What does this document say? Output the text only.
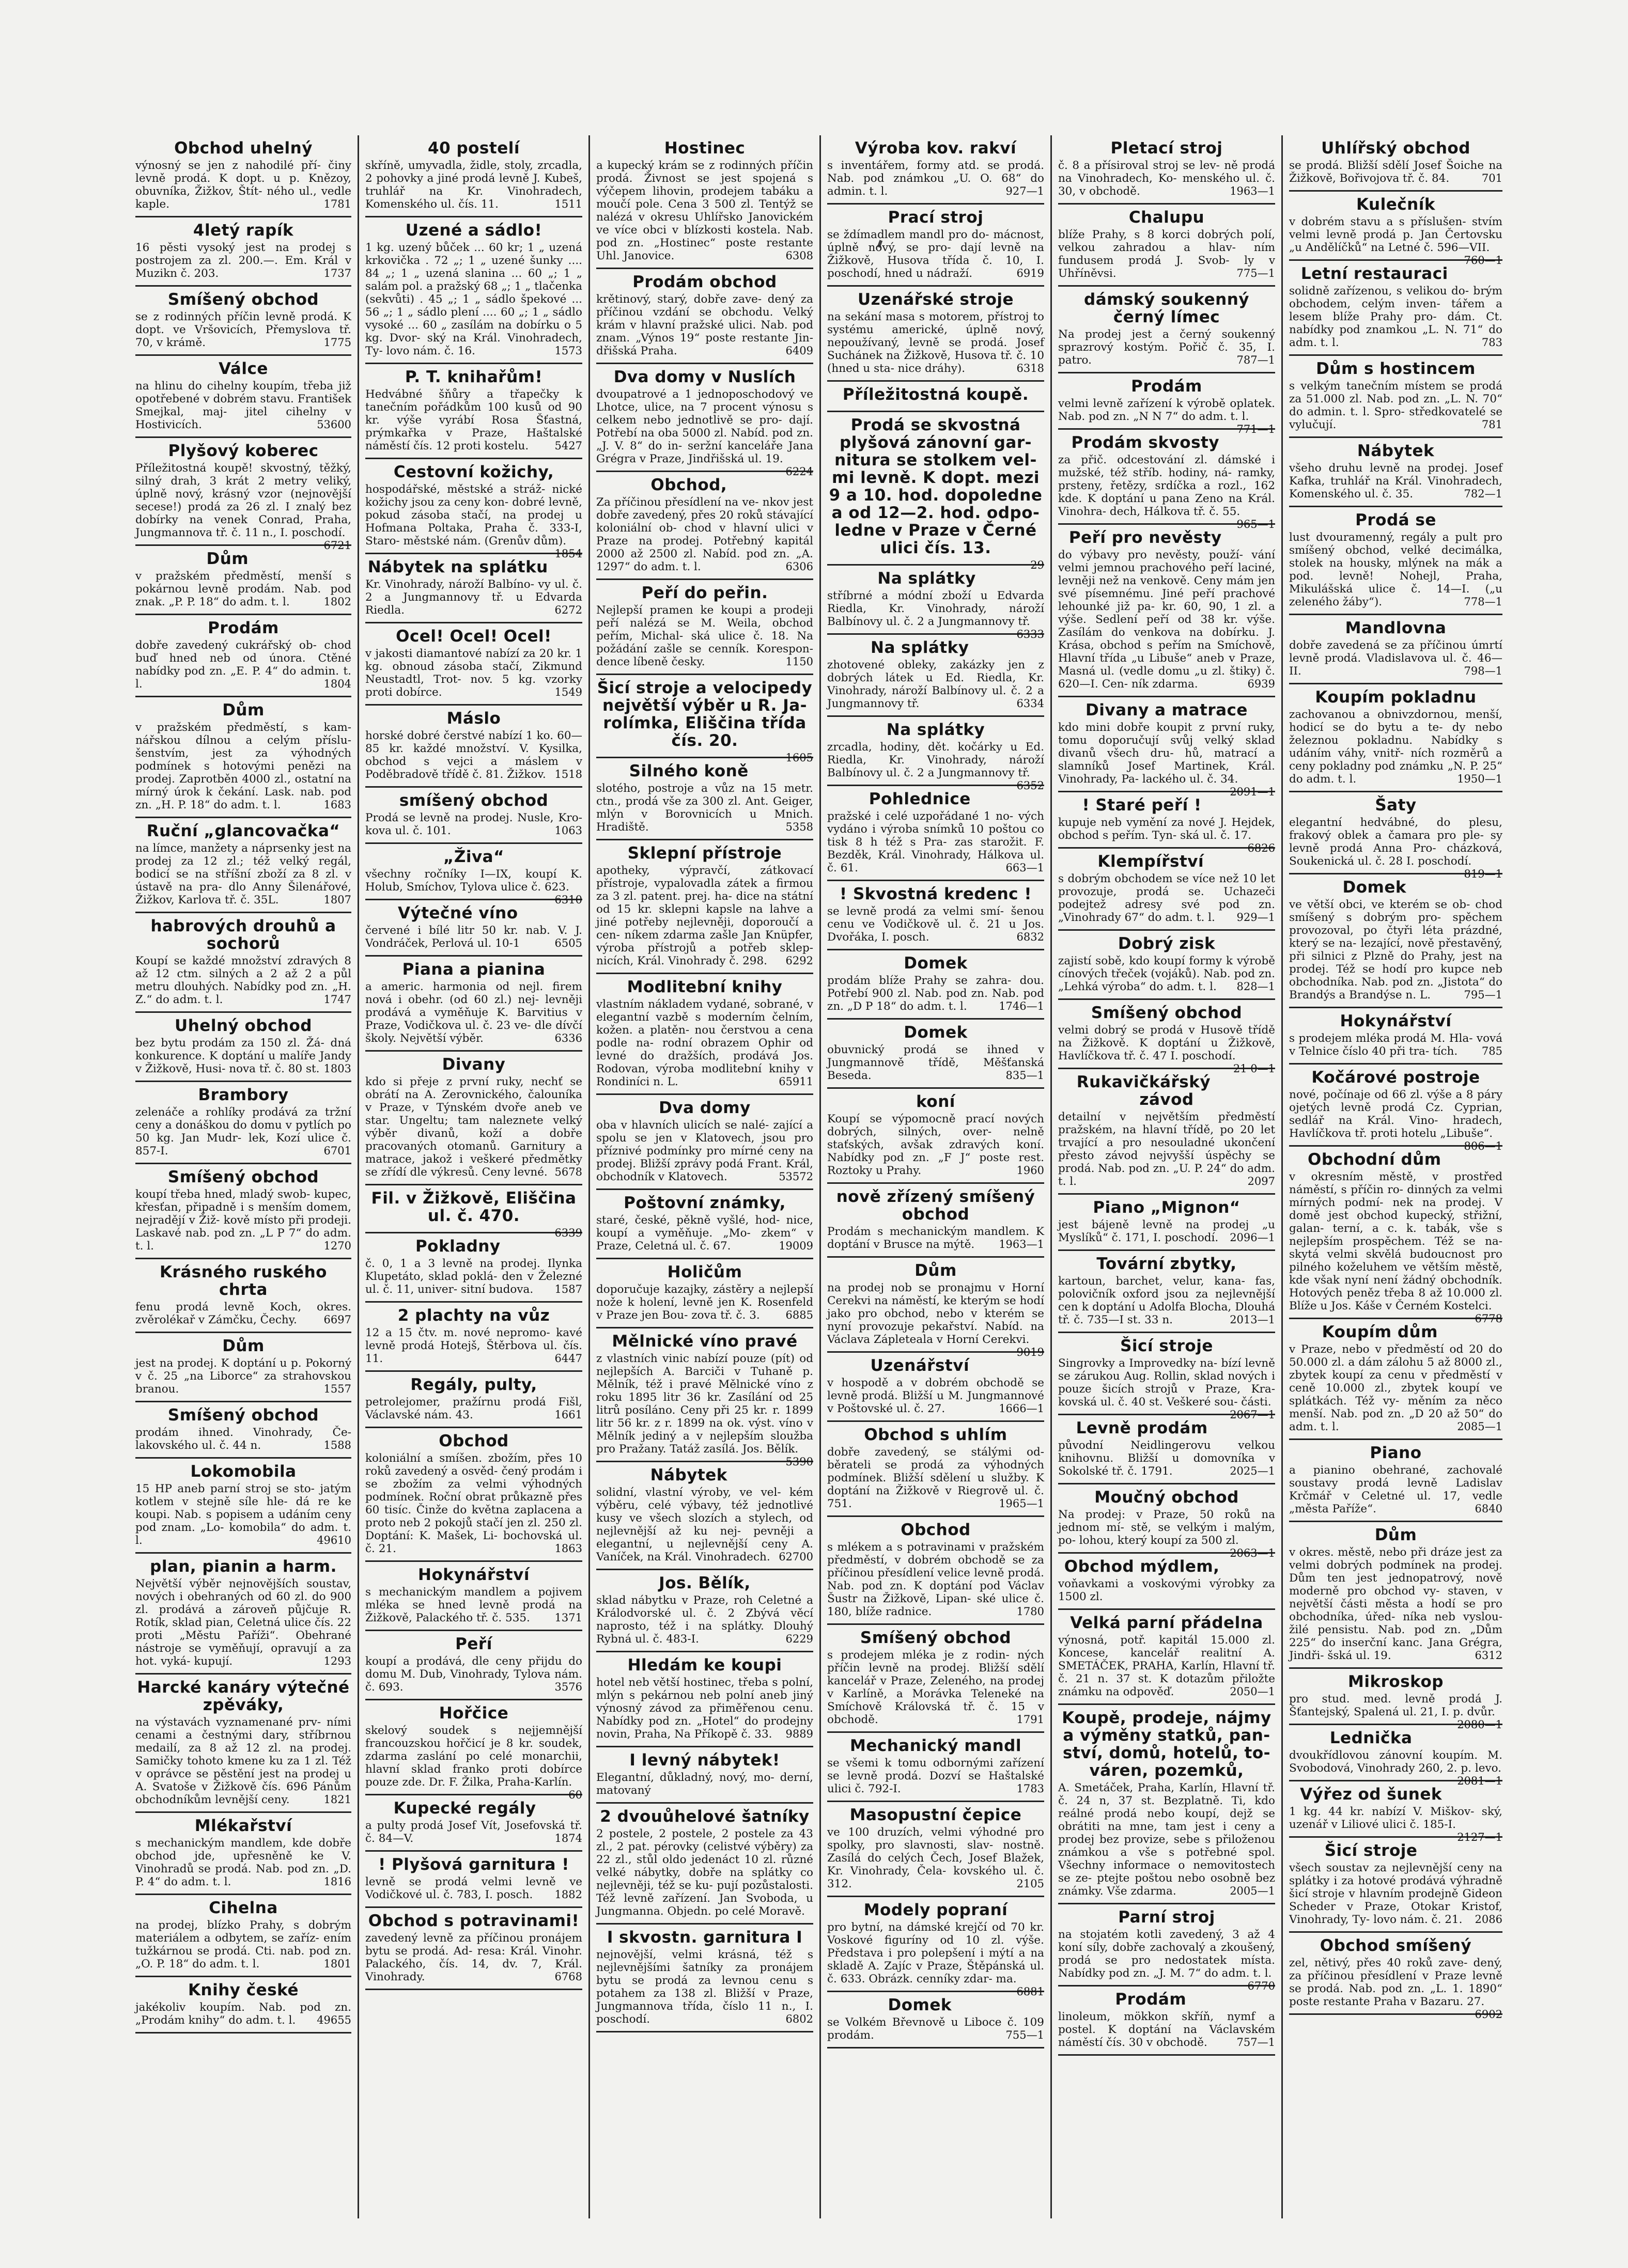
Obchod uhelný

výnosný se jen z nahodilé pří- činy levně prodá. K dopt. u p. Knězoy, obuvníka, Žižkov, Štít- ného ul., vedle kaple.	1781

4letý rapík

16 pěsti vysoký jest na prodej s postrojem za zl. 200.—. Em. Král v Muzikn č. 203.	1737

Smíšený obchod

se z rodinných příčin levně prodá. K dopt. ve Vršovicích, Přemyslova tř. 70, v krámě.	1775

Válce

na hlinu do cihelny koupím, třeba již opotřebené v dobrém stavu. František Smejkal, maj- jitel cihelny v Hostivicích.	53600

Plyšový koberec

Příležitostná koupě! skvostný, těžký, silný drah, 3 krát 2 metry veliký, úplně nový, krásný vzor (nejnovější secese!) prodá za 26 zl. I znalý bez dobírky na venek Conrad, Praha, Jungmannova tř. č. 11 n., I. poschodí.
6721

Dům

v pražském předměstí, menší s pokárnou levně prodám. Nab. pod znak. „P. P. 18“ do adm. t. l.	1802

Prodám

dobře zavedený cukrářský ob- chod buď hned neb od února. Ctěné nabídky pod zn. „E. P. 4“ do admin. t. l.	1804

Dům

v pražském předměstí, s kam- nářskou dílnou a celým příslu- šenstvím, jest za výhodných podmínek s hotovými penězi na prodej. Zaprotběn 4000 zl., ostatní na mírný úrok k čekání. Lask. nab. pod zn. „H. P. 18“ do adm. t. l.	1683

Ruční „glancovačka“

na límce, manžety a náprsenky jest na prodej za 12 zl.; též velký regál, bodicí se na stříšní zboží za 8 zl. v ústavě na pra- dlo Anny Šilenářové, Žižkov, Karlova tř. č. 35L.	1807

habrových drouhů a sochorů

Koupí se každé množství zdravých 8 až 12 ctm. silných a 2 až 2 a půl metru dlouhých. Nabídky pod zn. „H. Z.“ do adm. t. l.	1747

Uhelný obchod

bez bytu prodám za 150 zl. Žá- dná konkurence. K doptání u malíře Jandy v Žižkově, Husi- nova tř. č. 80 st. 1803

Brambory

zelenáče a rohlíky prodává za tržní ceny a donáškou do domu v pytlích po 50 kg. Jan Mudr- lek, Kozí ulice č. 857-I.	6701

Smíšený obchod

koupí třeba hned, mladý swob- kupec, křesťan, připadně i s menším domem, nejradějí v Žiž- kově místo při prodeji. Laskavé nab. pod zn. „L P 7“ do adm. t. l.	1270

Krásného ruského chrta

fenu prodá levně Koch, okres. zvěrolékař v Zámčku, Čechy.	6697

Dům

jest na prodej. K doptání u p. Pokorný v č. 25 „na Liborce“ za strahovskou branou.	1557

Smíšený obchod

prodám ihned. Vinohrady, Če- lakovského ul. č. 44 n.	1588

Lokomobila

15 HP aneb parní stroj se sto- jatým kotlem v stejně síle hle- dá re ke koupi. Nab. s popisem a udáním ceny pod znam. „Lo- komobila“ do adm. t. l.	49610

plan, pianin a harm.

Největší výběr nejnovějších soustav, nových i obehraných od 60 zl. do 900 zl. prodává a zároveň půjčuje R. Rotík, sklad pian, Celetná ulice čís. 22 proti „Městu Paříži“. Obehrané nástroje se vyměňují, opravují a za hot. vyká- kupují.	1293

Harcké kanáry výtečné zpěváky,

na výstavách vyznamenané prv- ními cenami a čestnými dary, stříbrnou medailí, za 8 až 12 zl. na prodej. Samičky tohoto kmene ku za 1 zl. Též v oprávce se pěstění jest na prodej u A. Svatoše v Žižkově čís. 696 Pánům obchodníkům levnější ceny.	1821

Mlékařství

s mechanickým mandlem, kde dobře obchod jde, upřesněně ke V. Vinohradů se prodá. Nab. pod zn. „D. P. 4“ do adm. t. l.	1816

Cihelna

na prodej, blízko Prahy, s dobrým materiálem a odbytem, se zaříz- ením tužkárnou se prodá. Cti. nab. pod zn. „O. P. 18“ do adm. t. l.	1801

Knihy české

jakékoliv koupím. Nab. pod zn. „Prodám knihy“ do adm. t. l.	49655

40 postelí

skříně, umyvadla, židle, stoly, zrcadla, 2 pohovky a jiné prodá levně J. Kubeš, truhlář na Kr. Vinohradech, Komenského ul. čís. 11.	1511

Uzené a sádlo!

1 kg. uzený bůček ... 60 kr; 1 „ uzená krkovička . 72 „; 1 „ uzené šunky .... 84 „; 1 „ uzená slanina ... 60 „; 1 „ salám pol. a pražský 68 „; 1 „ tlačenka (sekvůti) . 45 „; 1 „ sádlo špekové ... 56 „; 1 „ sádlo plení .... 60 „; 1 „ sádlo vysoké ... 60 „ zasílám na dobírku o 5 kg. Dvor- ský na Král. Vinohradech, Ty- lovo nám. č. 16.	1573

P. T. knihařům!

Hedvábné šňůry a třapečky k tanečním pořádkům 100 kusů od 90 kr. výše vyrábí Rosa Šťastná, prýmkařka v Praze, Haštalské náměstí čís. 12 proti kostelu.	5427

Cestovní kožichy,

hospodářské, městské a stráž- nické kožichy jsou za ceny kon- dobré levně, pokud zásoba stačí, na prodej u Hofmana Poltaka, Praha č. 333-I, Staro- městské nám. (Grenův dům).
1854

Nábytek na splátku

Kr. Vinohrady, nároží Balbíno- vy ul. č. 2 a Jungmannovy tř. u Edvarda Riedla.	6272

Ocel! Ocel! Ocel!

v jakosti diamantové nabízí za 20 kr. 1 kg. obnoud zásoba stačí, Zikmund Neustadtl, Trot- nov. 5 kg. vzorky proti dobírce.	1549

Máslo

horské dobré čerstvé nabízí 1 ko. 60—85 kr. každé množství. V. Kysilka, obchod s vejci a máslem v Poděbradově třídě č. 81. Žižkov. 1518

smíšený obchod

Prodá se levně na prodej. Nusle, Kro- kova ul. č. 101.	1063

„Živa“

všechny ročníky I—IX, koupí K. Holub, Smíchov, Tylova ulice č. 623.
6310

Výtečné víno

červené i bílé litr 50 kr. nab. V. J. Vondráček, Perlová ul. 10-1	6505

Piana a pianina

a americ. harmonia od nejl. firem nová i obehr. (od 60 zl.) nej- levněji prodává a vyměňuje K. Barvitius v Praze, Vodičkova ul. č. 23 ve- dle dívčí školy. Největší výběr.	6336

Divany

kdo si přeje z první ruky, nechť se obrátí na A. Zerovnického, čalouníka v Praze, v Týnském dvoře aneb ve star. Ungeltu; tam naleznete velký výběr divanů, koží a dobře pracovaných otomanů. Garnitury a matrace, jakož i veškeré předmětky se zřídí dle výkresů. Ceny levné. 5678

Fil. v Žižkově, Eliščina ul. č. 470.

6339

Pokladny

č. 0, 1 a 3 levně na prodej. Ilynka Klupetáto, sklad poklá- den v Železné ul. č. 11, univer- sitní budova.	1587

2 plachty na vůz

12 a 15 čtv. m. nové nepromo- kavé levně prodá Hotejš, Štěrbova ul. čís. 11.	6447

Regály, pulty,

petrolejomer, pražírnu prodá Fišl, Václavské nám. 43.	1661

Obchod

koloniální a smíšen. zbožím, přes 10 roků zavedený a osvěd- čený prodám i se zbožím za velmi výhodných podmínek. Roční obrat průkazně přes 60 tisíc. Činže do května zaplacena a proto neb 2 pokojů stačí jen zl. 250 zl. Doptání: K. Mašek, Li- bochovská ul. č. 21.	1863

Hokynářství

s mechanickým mandlem a pojivem mléka se hned levně prodá na Žižkově, Palackého tř. č. 535.	1371

Peří

koupí a prodává, dle ceny přijdu do domu M. Dub, Vinohrady, Tylova nám. č. 693.	3576

Hořčice

skelový soudek s nejjemnější francouzskou hořčicí je 8 kr. soudek, zdarma zaslání po celé monarchii, hlavní sklad franko proti dobírce pouze zde. Dr. F. Žilka, Praha-Karlín.
60

Kupecké regály

a pulty prodá Josef Vít, Josefovská tř. č. 84—V.	1874

! Plyšová garnitura !

levně se prodá velmi levně ve Vodičkové ul. č. 783, I. posch.	1882

Obchod s potravinami!

zavedený levně za příčinou pronájem bytu se prodá. Ad- resa: Král. Vinohr. Palackého, čís. 14, dv. 7, Král. Vinohrady.	6768

Hostinec

a kupecký krám se z rodinných příčin prodá. Živnost se jest spojená s výčepem lihovin, prodejem tabáku a moučí pole. Cena 3 500 zl. Tentýž se nalézá v okresu Uhlířsko Janovickém ve více obci v blízkosti kostela. Nab. pod zn. „Hostinec“ poste restante Uhl. Janovice.	6308

Prodám obchod

krětinový, starý, dobře zave- dený za příčinou vzdání se obchodu. Velký krám v hlavní pražské ulici. Nab. pod znam. „Výnos 19“ poste restante Jin- dřišská Praha.	6409

Dva domy v Nuslích

dvoupatrové a 1 jednoposchodový ve Lhotce, ulice, na 7 procent výnosu s celkem nebo jednotlivě se pro- dají. Potřebí na oba 5000 zl. Nabíd. pod zn. „J. V. 8“ do in- seržní kanceláře Jana Grégra v Praze, Jindřišská ul. 19.
6224

Obchod,

Za příčinou přesídlení na ve- nkov jest dobře zavedený, přes 20 roků stávající koloniální ob- chod v hlavní ulici v Praze na prodej. Potřebný kapitál 2000 až 2500 zl. Nabíd. pod zn. „A. 1297“ do adm. t. l.	6306

Peří do peřin.

Nejlepší pramen ke koupi a prodeji peří nalézá se M. Weila, obchod peřím, Michal- ská ulice č. 18. Na požádání zašle se cenník. Korespon- dence líbeně česky.	1150

Šicí stroje a velocipedy největší výběr u R. Ja- rolímka, Eliščina třída čís. 20.

1605

Silného koně

slotého, postroje a vůz na 15 metr. ctn., prodá vše za 300 zl. Ant. Geiger, mlýn v Borovnicích u Mnich. Hradiště.	5358

Sklepní přístroje

apotheky, výpravčí, zátkovací přístroje, vypalovadla zátek a firmou za 3 zl. patent. prej. ha- dice na státní od 15 kr. sklepni kapsle na lahve a jiné potřeby nejlevněji, doporoučí a cen- níkem zdarma zašle Jan Knüpfer, výroba přístrojů a potřeb sklep- nicích, Král. Vinohrady č. 298.	6292

Modlitební knihy

vlastním nákladem vydané, sobrané, v elegantní vazbě s moderním čelním, kožen. a platěn- nou čerstvou a cena podle na- rodní obrazem Ophir od levné do dražších, prodává Jos. Rodovan, výroba modlitební knihy v Rondiníci n. L.	65911

Dva domy

oba v hlavních ulicích se nalé- zající a spolu se jen v Klatovech, jsou pro příznivé podmínky pro mírné ceny na prodej. Bližší zprávy podá Frant. Král, obchodník v Klatovech.	53572

Poštovní známky,

staré, české, pěkně vyšlé, hod- nice, koupí a vyměňuje. „Mo- zkem“ v Praze, Celetná ul. č. 67.	19009

Holičům

doporučuje kazajky, zástěry a nejlepší nože k holení, levně jen K. Rosenfeld v Praze jen Bou- zova tř. č. 3.	6885

Mělnické víno pravé

z vlastních vinic nabízí pouze (pít) od nejlepších A. Barciči v Tuhaně p. Mělník, též i pravé Mělnické víno z roku 1895 litr 36 kr. Zasílání od 25 litrů posíláno. Ceny při 25 kr. r. 1899 litr 56 kr. z r. 1899 na ok. výst. víno v Mělník jediný a v nejlepším sloužba pro Pražany. Tatáž zasílá. Jos. Bělík.
5390

Nábytek

solidní, vlastní výroby, ve vel- kém výběru, celé výbavy, též jednotlivé kusy ve všech slozích a stylech, od nejlevnější až ku nej- pevněji a elegantní, u nejlevnější ceny A. Vaníček, na Král. Vinohradech. 62700

Jos. Bělík,

sklad nábytku v Praze, roh Celetné a Králodvorské ul. č. 2 Zbývá věcí naprosto, též i na splátky. Dlouhý Rybná ul. č. 483-I.	6229

Hledám ke koupi

hotel neb větší hostinec, třeba s polní, mlýn s pekárnou neb polní aneb jiný výnosný závod za přiměřenou cenu. Nabídky pod zn. „Hotel“ do prodejny novin, Praha, Na Příkopě č. 33.	9889

I levný nábytek!

Elegantní, důkladný, nový, mo- derní, matovaný

2 dvouůhelové šatníky

2 postele, 2 postele, 2 postele za 43 zl., 2 pat. pérovky (celistvé výběry) za 22 zl., stůl oldo jedenáct 10 zl. různé velké nábytky, dobře na splátky co nejlevněji, též se ku- pují pozůstalosti. Též levně zařízení. Jan Svoboda, u Jungmanna. Objedn. po celé Moravě.

I skvostn. garnitura I

nejnovější, velmi krásná, též s nejlevnějšími šatníky za pronájem bytu se prodá za levnou cenu s potahem za 138 zl. Bližší v Praze, Jungmannova třída, číslo 11 n., I. poschodí.	6802

Výroba kov. rakví

s inventářem, formy atd. se prodá. Nab. pod známkou „U. O. 68“ do admin. t. l.	927—1

Prací stroj

se ždímadlem mandl pro do- mácnost, úplně nový, se pro- dají levně na Žižkově, Husova třída č. 10, I. poschodí, hned u nádraží.	6919

Uzenářské stroje

na sekání masa s motorem, přístroj to systému americké, úplně nový, nepoužívaný, levně se prodá. Josef Suchánek na Žižkově, Husova tř. č. 10 (hned u sta- nice dráhy).	6318

Příležitostná koupě.

Prodá se skvostná plyšová zánovní gar- nitura se stolkem vel- mi levně. K dopt. mezi 9 a 10. hod. dopoledne a od 12—2. hod. odpo- ledne v Praze v Černé ulici čís. 13.

29

Na splátky

stříbrné a módní zboží u Edvarda Riedla, Kr. Vinohrady, nároží Balbínovy ul. č. 2 a Jungmannovy tř.
6333

Na splátky

zhotovené obleky, zakázky jen z dobrých látek u Ed. Riedla, Kr. Vinohrady, nároží Balbínovy ul. č. 2 a Jungmannovy tř.	6334

Na splátky

zrcadla, hodiny, dět. kočárky u Ed. Riedla, Kr. Vinohrady, nároží Balbínovy ul. č. 2 a Jungmannovy tř.
6352

Pohlednice

pražské i celé uzpořádané 1 no- vých vydáno i výroba snímků 10 poštou co tisk 8 h též s Pra- zas starožit. F. Bezděk, Král. Vinohrady, Hálkova ul. č. 61.	663—1

! Skvostná kredenc !

se levně prodá za velmi smí- šenou cenu ve Vodičkově ul. č. 21 u Jos. Dvořáka, I. posch.	6832

Domek

prodám blíže Prahy se zahra- dou. Potřebí 900 zl. Nab. pod zn. Nab. pod zn. „D P 18“ do adm. t. l.	1746—1

Domek

obuvnický prodá se ihned v Jungmannově třídě, Měšťanská Beseda.	835—1

koní

Koupí se výpomocně prací nových dobrých, silných, over- nelně staťských, avšak zdravých koní. Nabídky pod zn. „F J“ poste rest. Roztoky u Prahy.	1960

nově zřízený smíšený obchod

Prodám s mechanickým mandlem. K doptání v Brusce na mýtě.	1963—1

Dům

na prodej nob se pronajmu v Horní Cerekvi na náměstí, ke kterým se hodí jako pro obchod, nebo v kterém se nyní provozuje pekařství. Nabíd. na Václava Zápleteala v Horní Cerekvi.
9019

Uzenářství

v hospodě a v dobrém obchodě se levně prodá. Bližší u M. Jungmannové v Poštovské ul. č. 27.	1666—1

Obchod s uhlím

dobře zavedený, se stálými od- běrateli se prodá za výhodných podmínek. Bližší sdělení u služby. K doptání na Žižkově v Riegrově ul. č. 751.	1965—1

Obchod

s mlékem a s potravinami v pražském předměstí, v dobrém obchodě se za příčinou přesídlení velice levně prodá. Nab. pod zn. K doptání pod Václav Šustr na Žižkově, Lipan- ské ulice č. 180, blíže radnice.	1780

Smíšený obchod

s prodejem mléka je z rodin- ných příčin levně na prodej. Bližší sdělí kancelář v Praze, Zeleného, na prodej v Karlíně, a Morávka Teleneké na Smíchově Královská tř. č. 15 v obchodě.	1791

Mechanický mandl

se všemi k tomu odbornými zařízení se levně prodá. Dozví se Haštalské ulici č. 792-I.	1783

Masopustní čepice

ve 100 druzích, velmi výhodné pro spolky, pro slavnosti, slav- nostně. Zasílá do celých Čech, Josef Blažek, Kr. Vinohrady, Čela- kovského ul. č. 312.	2105

Modely popraní

pro bytní, na dámské krejčí od 70 kr. Voskové figuríny od 10 zl. výše. Představa i pro polepšení i mýtí a na skladě A. Zajíc v Praze, Štěpánská ul. č. 633. Obrázk. cenníky zdar- ma.
6881

Domek

se Volkém Břevnově u Liboce č. 109 prodám.	755—1

Pletací stroj

č. 8 a přísiroval stroj se lev- ně prodá na Vinohradech, Ko- menského ul. č. 30, v obchodě.	1963—1

Chalupu

blíže Prahy, s 8 korci dobrých polí, velkou zahradou a hlav- ním fundusem prodá J. Svob- ly v Uhříněvsi.	775—1

dámský soukenný černý límec

Na prodej jest a černý soukenný sprazrový kostým. Pořič č. 35, I. patro.	787—1

Prodám

velmi levně zařízení k výrobě oplatek. Nab. pod zn. „N N 7“ do adm. t. l.
771—1

Prodám skvosty

za přič. odcestování zl. dámské i mužské, též stříb. hodiny, ná- ramky, prsteny, řetězy, srdíčka a rozl., 162 kde. K doptání u pana Zeno na Král. Vinohra- dech, Hálkova tř. č. 55.
965—1

Peří pro nevěsty

do výbavy pro nevěsty, použí- vání velmi jemnou prachového peří laciné, levněji než na venkově. Ceny mám jen své písemnému. Jiné peří prachové lehounké již pa- kr. 60, 90, 1 zl. a výše. Sedlení peří od 38 kr. výše. Zasílám do venkova na dobírku. J. Krása, obchod s peřím na Smíchově, Hlavní třída „u Libuše“ aneb v Praze, Masná ul. (vedle domu „u zl. štiky) č. 620—I. Cen- ník zdarma.	6939

Divany a matrace

kdo mini dobře koupit z první ruky, tomu doporučují svůj velký sklad divanů všech dru- hů, matrací a slamníků Josef Martinek, Král. Vinohrady, Pa- lackého ul. č. 34.
2091—1

! Staré peří !

kupuje neb vymění za nové J. Hejdek, obchod s peřím. Tyn- ská ul. č. 17.
6826

Klempířství

s dobrým obchodem se více než 10 let provozuje, prodá se. Uchazeči podejtež adresy své pod zn. „Vinohrady 67“ do adm. t. l.	929—1

Dobrý zisk

zajistí sobě, kdo koupí formy k výrobě cínových třeček (vojáků). Nab. pod zn. „Lehká výroba“ do adm. t. l.	828—1

Smíšený obchod

velmi dobrý se prodá v Husově třídě na Žižkově. K doptání u Žižkově, Havlíčkova tř. č. 47 I. poschodí.
21 0—1

Rukavičkářský závod

detailní v největším předměstí pražském, na hlavní třídě, po 20 let trvající a pro nesouladné ukončení přesto závod nejvyšší úspěchy se prodá. Nab. pod zn. „U. P. 24“ do adm. t. l.	2097

Piano „Mignon“

jest bájeně levně na prodej „u Myslíků“ č. 171, I. poschodí.	2096—1

Tovární zbytky,

kartoun, barchet, velur, kana- fas, polovičník oxford jsou za nejlevnější cen k doptání u Adolfa Blocha, Dlouhá tř. č. 735—I st. 33 n.	2013—1

Šicí stroje

Singrovky a Improvedky na- bízí levně se zárukou Aug. Rollin, sklad nových i pouze šicích strojů v Praze, Kra- kovská ul. č. 40 st. Veškeré sou- části.
2067—1

Levně prodám

původní Neidlingerovu velkou knihovnu. Bližší u domovníka v Sokolské tř. č. 1791.	2025—1

Moučný obchod

Na prodej: v Praze, 50 roků na jednom mí- stě, se velkým i malým, po- lohou, který koupí za 500 zl.
2063—1

Obchod mýdlem,

voňavkami a voskovými výrobky za 1500 zl.

Velká parní přádelna

výnosná, potř. kapitál 15.000 zl. Koncese, kancelář realitní A. SMETÁČEK, PRAHA, Karlín, Hlavní tř. č. 21 n. 37 st. K dotazům přiložte známku na odpověď.	2050—1

Koupě, prodeje, nájmy a výměny statků, pan- ství, domů, hotelů, to- váren, pozemků,

A. Smetáček, Praha, Karlín, Hlavní tř. č. 24 n, 37 st. Bezplatně. Ti, kdo reálné prodá nebo koupí, dejž se obrátiti na mne, tam jest i ceny a prodej bez provize, sebe s přiloženou známkou a vše s potřebné spol. Všechny informace o nemovitostech se ze- ptejte poštou nebo osobně bez známky. Vše zdarma.	2005—1

Parní stroj

na stojatém kotli zavedený, 3 až 4 koní síly, dobře zachovalý a zkoušený, prodá se pro nedostatek místa. Nabídky pod zn. „J. M. 7“ do adm. t. l.
6770

Prodám

linoleum, mökkon skříň, nymf a postel. K doptání na Václavském náměstí čís. 30 v obchodě.	757—1

Uhlířský obchod

se prodá. Bližší sdělí Josef Šoiche na Žižkově, Bořivojova tř. č. 84.	701

Kulečník

v dobrém stavu a s příslušen- stvím velmi levně prodá p. Jan Čertovsku „u Andělíčků“ na Letné č. 596—VII.
760—1

Letní restauraci

solidně zařízenou, s velikou do- brým obchodem, celým inven- tářem a lesem blíže Prahy pro- dám. Ct. nabídky pod znamkou „L. N. 71“ do adm. t. l.	783

Dům s hostincem

s velkým tanečním místem se prodá za 51.000 zl. Nab. pod zn. „L. N. 70“ do admin. t. l. Spro- středkovatelé se vylučují.	781

Nábytek

všeho druhu levně na prodej. Josef Kafka, truhlář na Král. Vinohradech, Komenského ul. č. 35.	782—1

Prodá se

lust dvouramenný, regály a pult pro smíšený obchod, velké decimálka, stolek na housky, mlýnek na mák a pod. levně! Nohejl, Praha, Mikulášská ulice č. 14—I. („u zeleného žáby“).	778—1

Mandlovna

dobře zavedená se za příčinou úmrtí levně prodá. Vladislavova ul. č. 46—II.	798—1

Koupím pokladnu

zachovanou a obnivzdornou, menší, hodicí se do bytu a te- dy nebo železnou pokladnu. Nabídky s udáním váhy, vnitř- ních rozměrů a ceny pokladny pod známku „N. P. 25“ do adm. t. l.	1950—1

Šaty

elegantní hedvábné, do plesu, frakový oblek a čamara pro ple- sy levně prodá Anna Pro- cházková, Soukenická ul. č. 28 I. poschodí.
819—1

Domek

ve větší obci, ve kterém se ob- chod smíšený s dobrým pro- spěchem provozoval, po čtyři léta prázdné, který se na- lezající, nově přestavěný, při silnici z Plzně do Prahy, jest na prodej. Též se hodí pro kupce neb obchodníka. Nab. pod zn. „Jistota“ do Brandýs a Brandýse n. L.	795—1

Hokynářství

s prodejem mléka prodá M. Hla- vová v Telnice číslo 40 při tra- tích.	785

Kočárové postroje

nové, počínaje od 66 zl. výše a 8 páry ojetých levně prodá Cz. Cyprian, sedlář na Král. Vino- hradech, Havlíčkova tř. proti hotelu „Libuše“.
806—1

Obchodní dům

v okresním městě, v prostřed náměstí, s příčin ro- dinných za velmi mírných podmí- nek na prodej. V domě jest obchod kupecký, střižní, galan- terní, a c. k. tabák, vše s nejlepším prospěchem. Též se na- skytá velmi skvělá budoucnost pro pilného koželuhem ve větším městě, kde však nyní není žádný obchodník. Hotových peněz třeba 8 až 10.000 zl. Blíže u Jos. Káše v Černém Kostelci.
6778

Koupím dům

v Praze, nebo v předměstí od 20 do 50.000 zl. a dám zálohu 5 až 8000 zl., zbytek koupí za cenu v předměstí v ceně 10.000 zl., zbytek koupí ve splátkách. Též vy- měním za něco menší. Nab. pod zn. „D 20 až 50“ do adm. t. l.	2085—1

Piano

a pianino obehrané, zachovalé soustavy prodá levně Ladislav Krčmář v Celetné ul. 17, vedle „města Paříže“.	6840

Dům

v okres. městě, nebo při dráze jest za velmi dobrých podmínek na prodej. Dům ten jest jednopatrový, nově moderně pro obchod vy- staven, v největší části města a hodí se pro obchodníka, úřed- níka neb vyslou- žilé pensistu. Nab. pod zn. „Dům 225“ do inserční kanc. Jana Grégra, Jindři- šská ul. 19.	6312

Mikroskop

pro stud. med. levně prodá J. Šťantejský, Spalená ul. 21, I. p. dvůr.
2080—1

Lednička

dvoukřídlovou zánovní koupím. M. Svobodová, Vinohrady 260, 2. p. levo.
2081—1

Výřez od šunek

1 kg. 44 kr. nabízí V. Miškov- ský, uzenář v Liliové ulici č. 185-I.
2127—1

Šicí stroje

všech soustav za nejlevnější ceny na splátky i za hotové prodává výhradně šicí stroje v hlavním prodejně Gideon Scheder v Praze, Otokar Kristof, Vinohrady, Ty- lovo nám. č. 21.	2086

Obchod smíšený

zel, nětivý, přes 40 roků zave- dený, za příčinou přesídlení v Praze levně se prodá. Nab. pod zn. „L. 1. 1890“ poste restante Praha v Bazaru. 27.
6902
